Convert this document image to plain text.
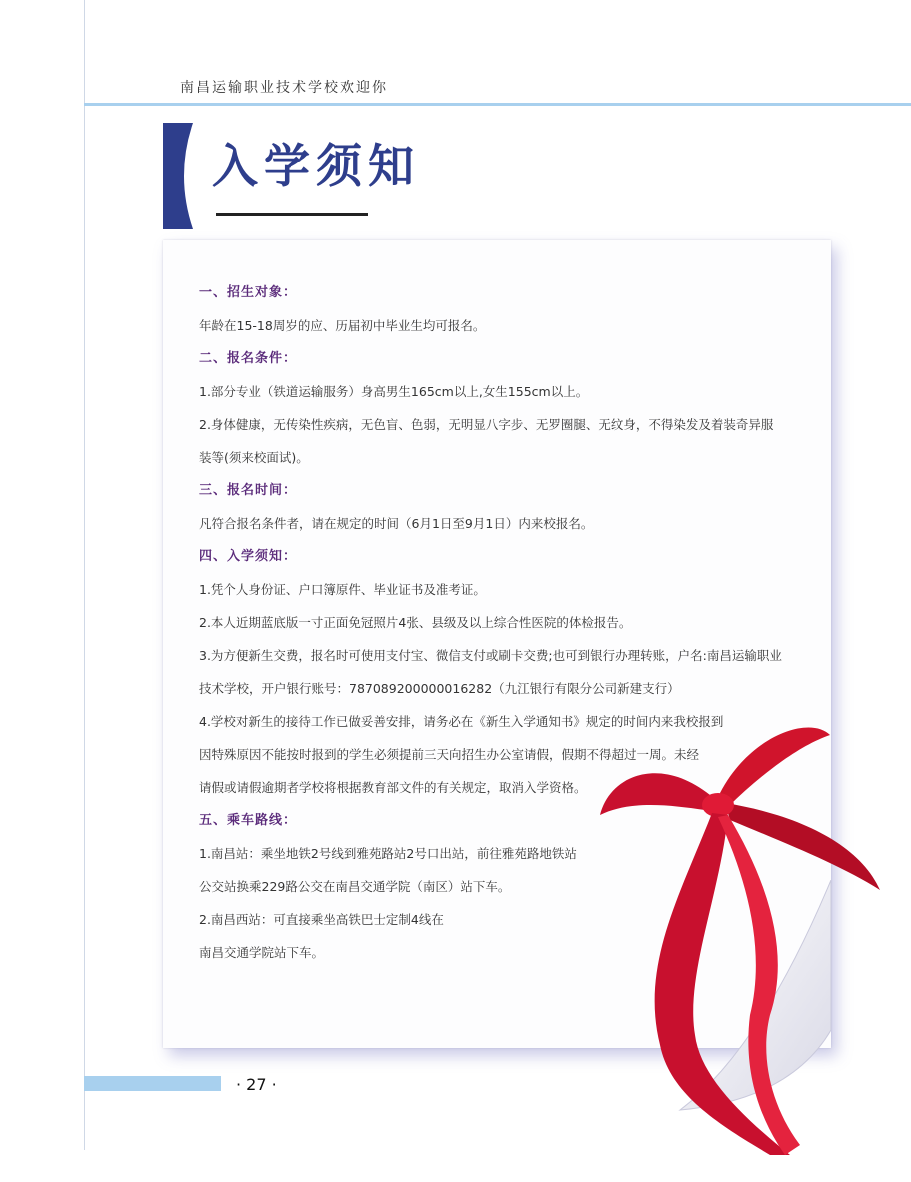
南昌运输职业技术学校欢迎你
入学须知
一、招生对象：
年龄在15-18周岁的应、历届初中毕业生均可报名。
二、报名条件：
1.部分专业（铁道运输服务）身高男生165cm以上,女生155cm以上。
2.身体健康，无传染性疾病，无色盲、色弱，无明显八字步、无罗圈腿、无纹身，不得染发及着装奇异服
装等(须来校面试)。
三、报名时间：
凡符合报名条件者，请在规定的时间（6月1日至9月1日）内来校报名。
四、入学须知：
1.凭个人身份证、户口簿原件、毕业证书及准考证。
2.本人近期蓝底版一寸正面免冠照片4张、县级及以上综合性医院的体检报告。
3.为方便新生交费，报名时可使用支付宝、微信支付或刷卡交费;也可到银行办理转账，户名:南昌运输职业
技术学校，开户银行账号：787089200000016282（九江银行有限分公司新建支行）
4.学校对新生的接待工作已做妥善安排，请务必在《新生入学通知书》规定的时间内来我校报到
因特殊原因不能按时报到的学生必须提前三天向招生办公室请假，假期不得超过一周。未经
请假或请假逾期者学校将根据教育部文件的有关规定，取消入学资格。
五、乘车路线：
1.南昌站：乘坐地铁2号线到雅苑路站2号口出站，前往雅苑路地铁站
公交站换乘229路公交在南昌交通学院（南区）站下车。
2.南昌西站：可直接乘坐高铁巴士定制4线在
南昌交通学院站下车。
· 27 ·
